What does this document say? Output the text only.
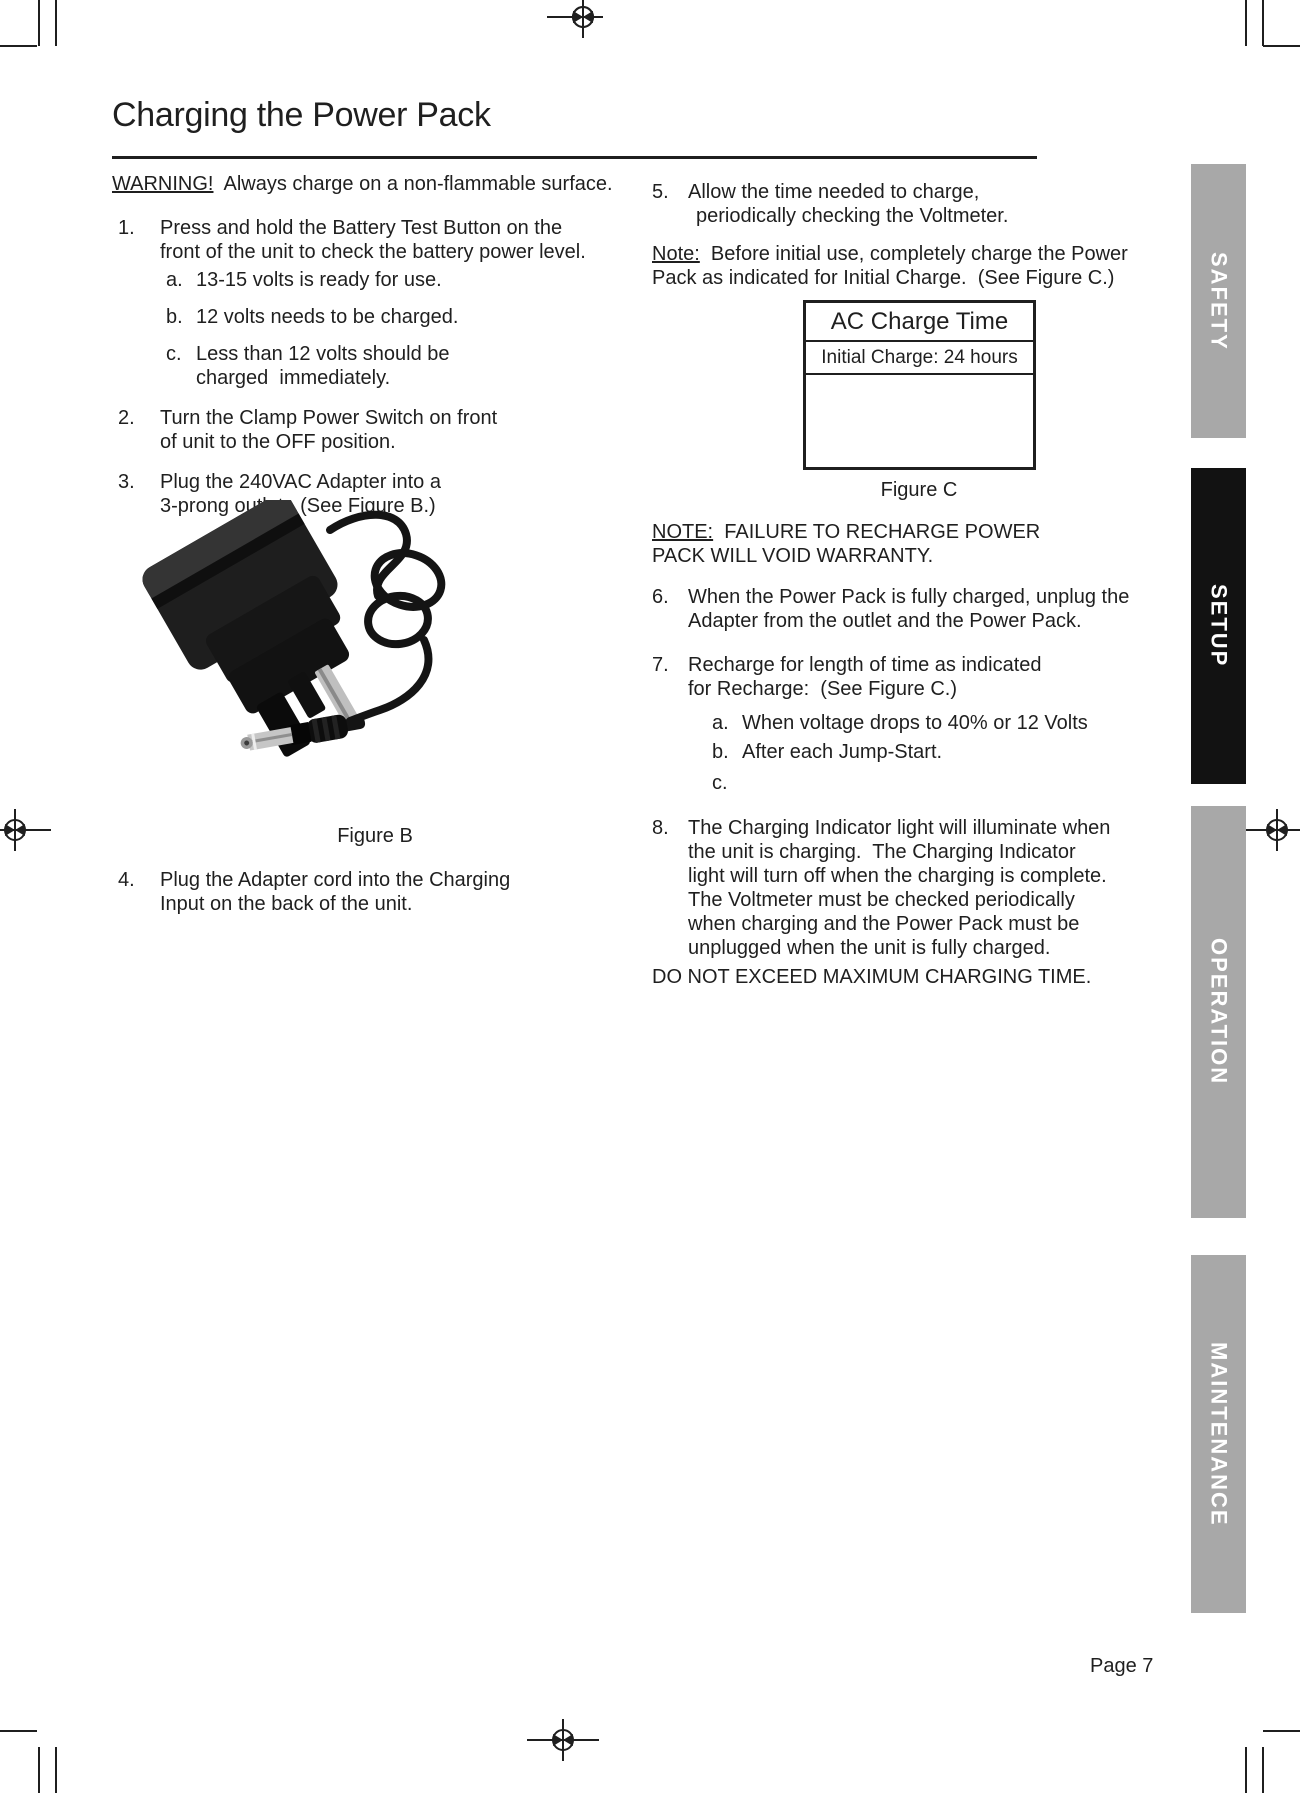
Charging the Power Pack
WARNING!  Always charge on a non-flammable surface.
1. Press and hold the Battery Test Button on the
front of the unit to check the battery power level.
a. 13-15 volts is ready for use.
b. 12 volts needs to be charged.
c. Less than 12 volts should be
charged  immediately.
2. Turn the Clamp Power Switch on front
of unit to the OFF position.
3. Plug the 240VAC Adapter into a
3-prong outlet.  (See Figure B.)
Figure B
4. Plug the Adapter cord into the Charging
Input on the back of the unit.
5. Allow the time needed to charge,
periodically checking the Voltmeter.
Note:  Before initial use, completely charge the Power
Pack as indicated for Initial Charge.  (See Figure C.)
AC Charge Time
Initial Charge: 24 hours
Figure C
NOTE:  FAILURE TO RECHARGE POWER
PACK WILL VOID WARRANTY.
6. When the Power Pack is fully charged, unplug the
Adapter from the outlet and the Power Pack.
7. Recharge for length of time as indicated
for Recharge:  (See Figure C.)
a. When voltage drops to 40% or 12 Volts
b. After each Jump-Start.
c.
8. The Charging Indicator light will illuminate when
the unit is charging.  The Charging Indicator
light will turn off when the charging is complete.
The Voltmeter must be checked periodically
when charging and the Power Pack must be
unplugged when the unit is fully charged.
DO NOT EXCEED MAXIMUM CHARGING TIME.
SAFETY
SETUP
OPERATION
MAINTENANCE
Page 7
